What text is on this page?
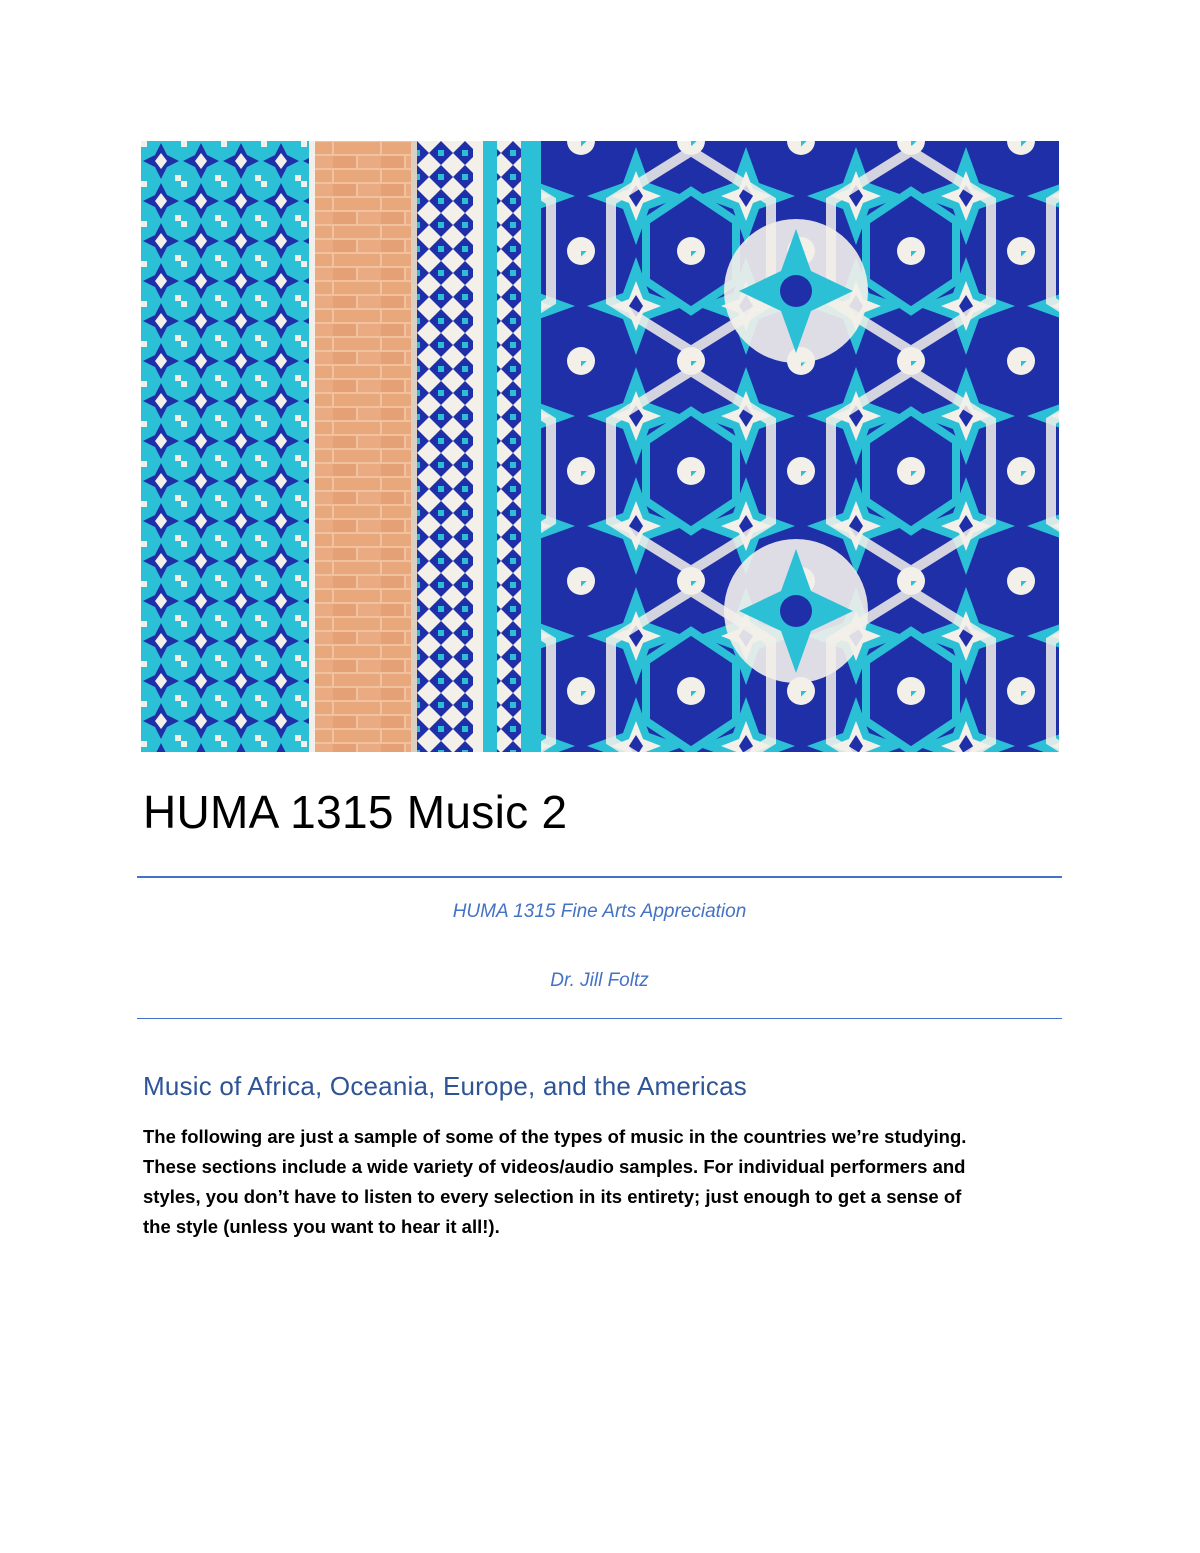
HUMA 1315 Music 2
HUMA 1315 Fine Arts Appreciation
Dr. Jill Foltz
Music of Africa, Oceania, Europe, and the Americas

The following are just a sample of some of the types of music in the countries we’re studying.
These sections include a wide variety of videos/audio samples. For individual performers and
styles, you don’t have to listen to every selection in its entirety; just enough to get a sense of
the style (unless you want to hear it all!).
